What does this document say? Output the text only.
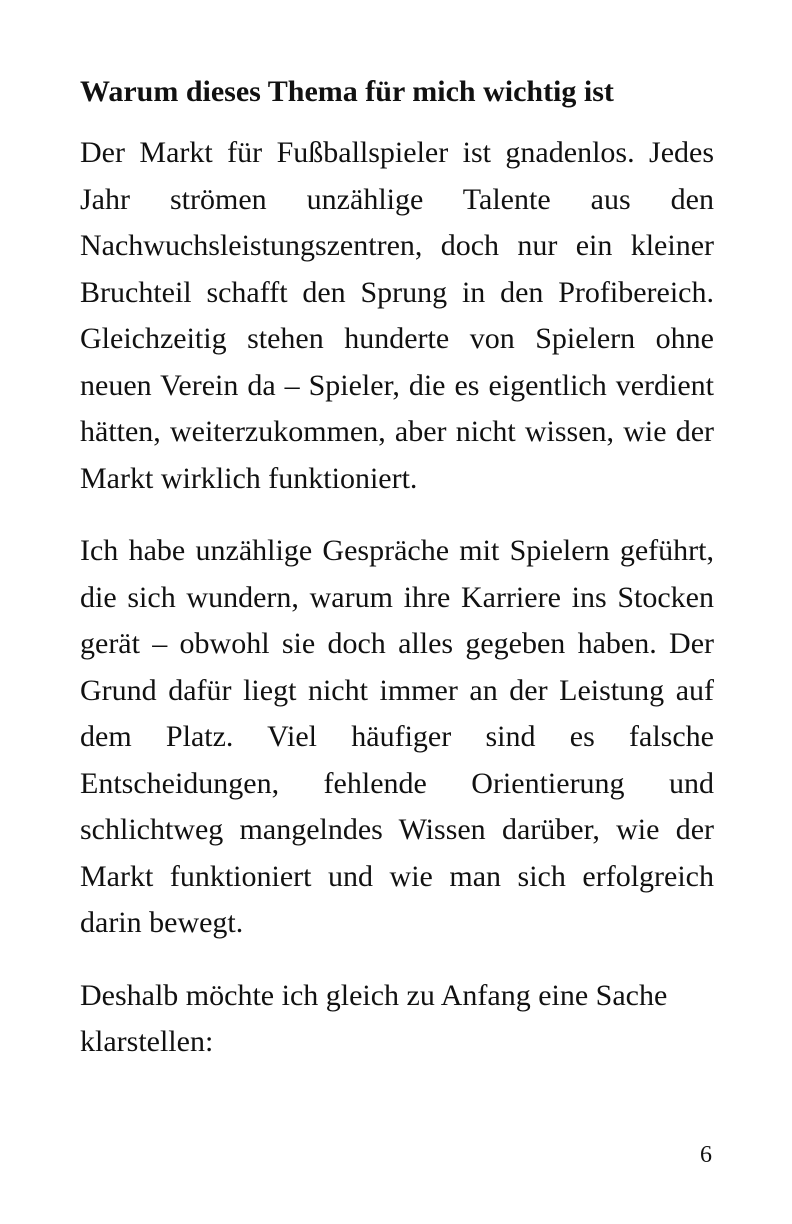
Warum dieses Thema für mich wichtig ist

Der Markt für Fußballspieler ist gnadenlos. Jedes Jahr strömen unzählige Talente aus den Nachwuchsleistungszentren, doch nur ein kleiner Bruchteil schafft den Sprung in den Profibereich. Gleichzeitig stehen hunderte von Spielern ohne neuen Verein da – Spieler, die es eigentlich verdient hätten, weiterzukommen, aber nicht wissen, wie der Markt wirklich funktioniert.

Ich habe unzählige Gespräche mit Spielern geführt, die sich wundern, warum ihre Karriere ins Stocken gerät – obwohl sie doch alles gegeben haben. Der Grund dafür liegt nicht immer an der Leistung auf dem Platz. Viel häufiger sind es falsche Entscheidungen, fehlende Orientierung und schlichtweg mangelndes Wissen darüber, wie der Markt funktioniert und wie man sich erfolgreich darin bewegt.

Deshalb möchte ich gleich zu Anfang eine Sache klarstellen:

6
